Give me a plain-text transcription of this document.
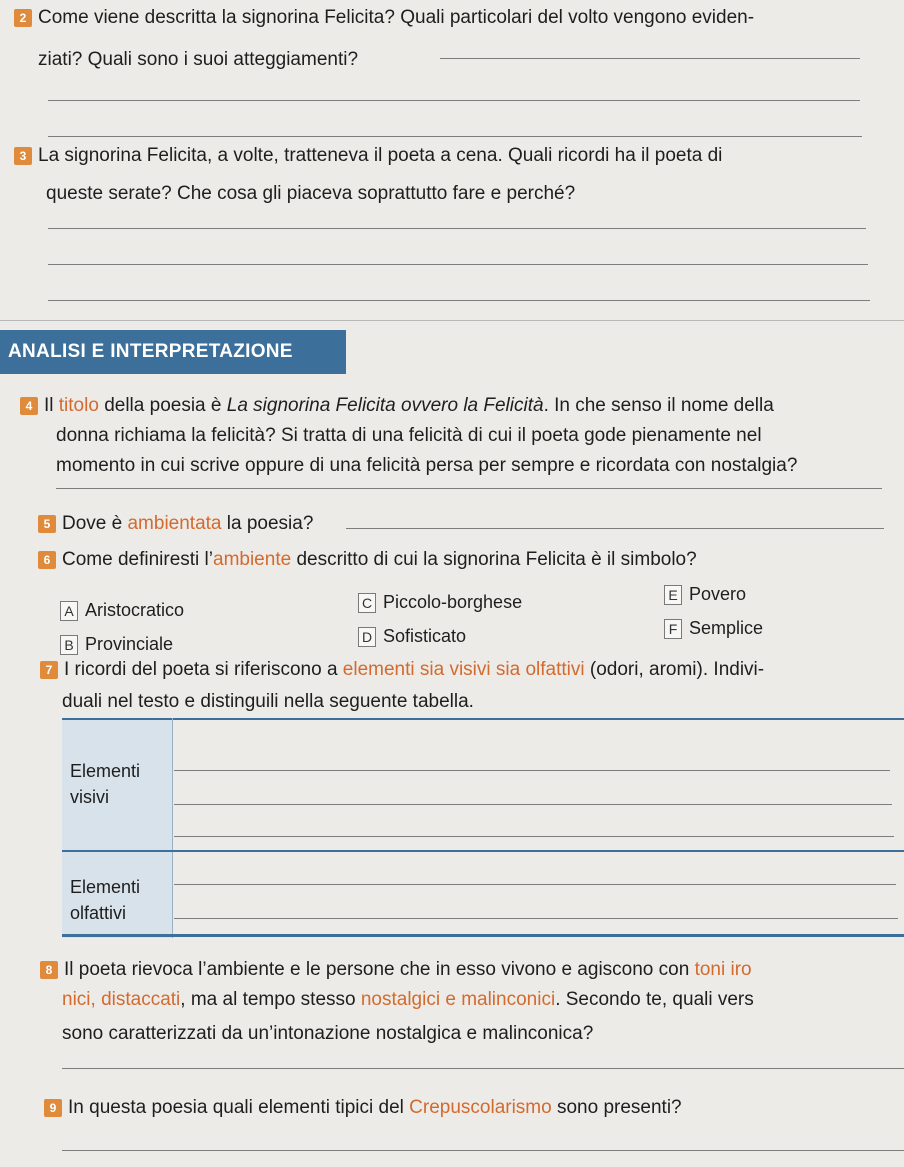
2 Come viene descritta la signorina Felicita? Quali particolari del volto vengono eviden-
ziati? Quali sono i suoi atteggiamenti?
3 La signorina Felicita, a volte, tratteneva il poeta a cena. Quali ricordi ha il poeta di
queste serate? Che cosa gli piaceva soprattutto fare e perché?
ANALISI E INTERPRETAZIONE
4 Il titolo della poesia è La signorina Felicita ovvero la Felicità. In che senso il nome della
donna richiama la felicità? Si tratta di una felicità di cui il poeta gode pienamente nel
momento in cui scrive oppure di una felicità persa per sempre e ricordata con nostalgia?
5 Dove è ambientata la poesia?
6 Come definiresti l’ambiente descritto di cui la signorina Felicita è il simbolo?
A Aristocratico
B Provinciale
C Piccolo-borghese
D Sofisticato
E Povero
F Semplice
7 I ricordi del poeta si riferiscono a elementi sia visivi sia olfattivi (odori, aromi). Indivi-
duali nel testo e distinguili nella seguente tabella.
Elementi
visivi
Elementi
olfattivi
8 Il poeta rievoca l’ambiente e le persone che in esso vivono e agiscono con toni iro
nici, distaccati, ma al tempo stesso nostalgici e malinconici. Secondo te, quali vers
sono caratterizzati da un’intonazione nostalgica e malinconica?
9 In questa poesia quali elementi tipici del Crepuscolarismo sono presenti?
